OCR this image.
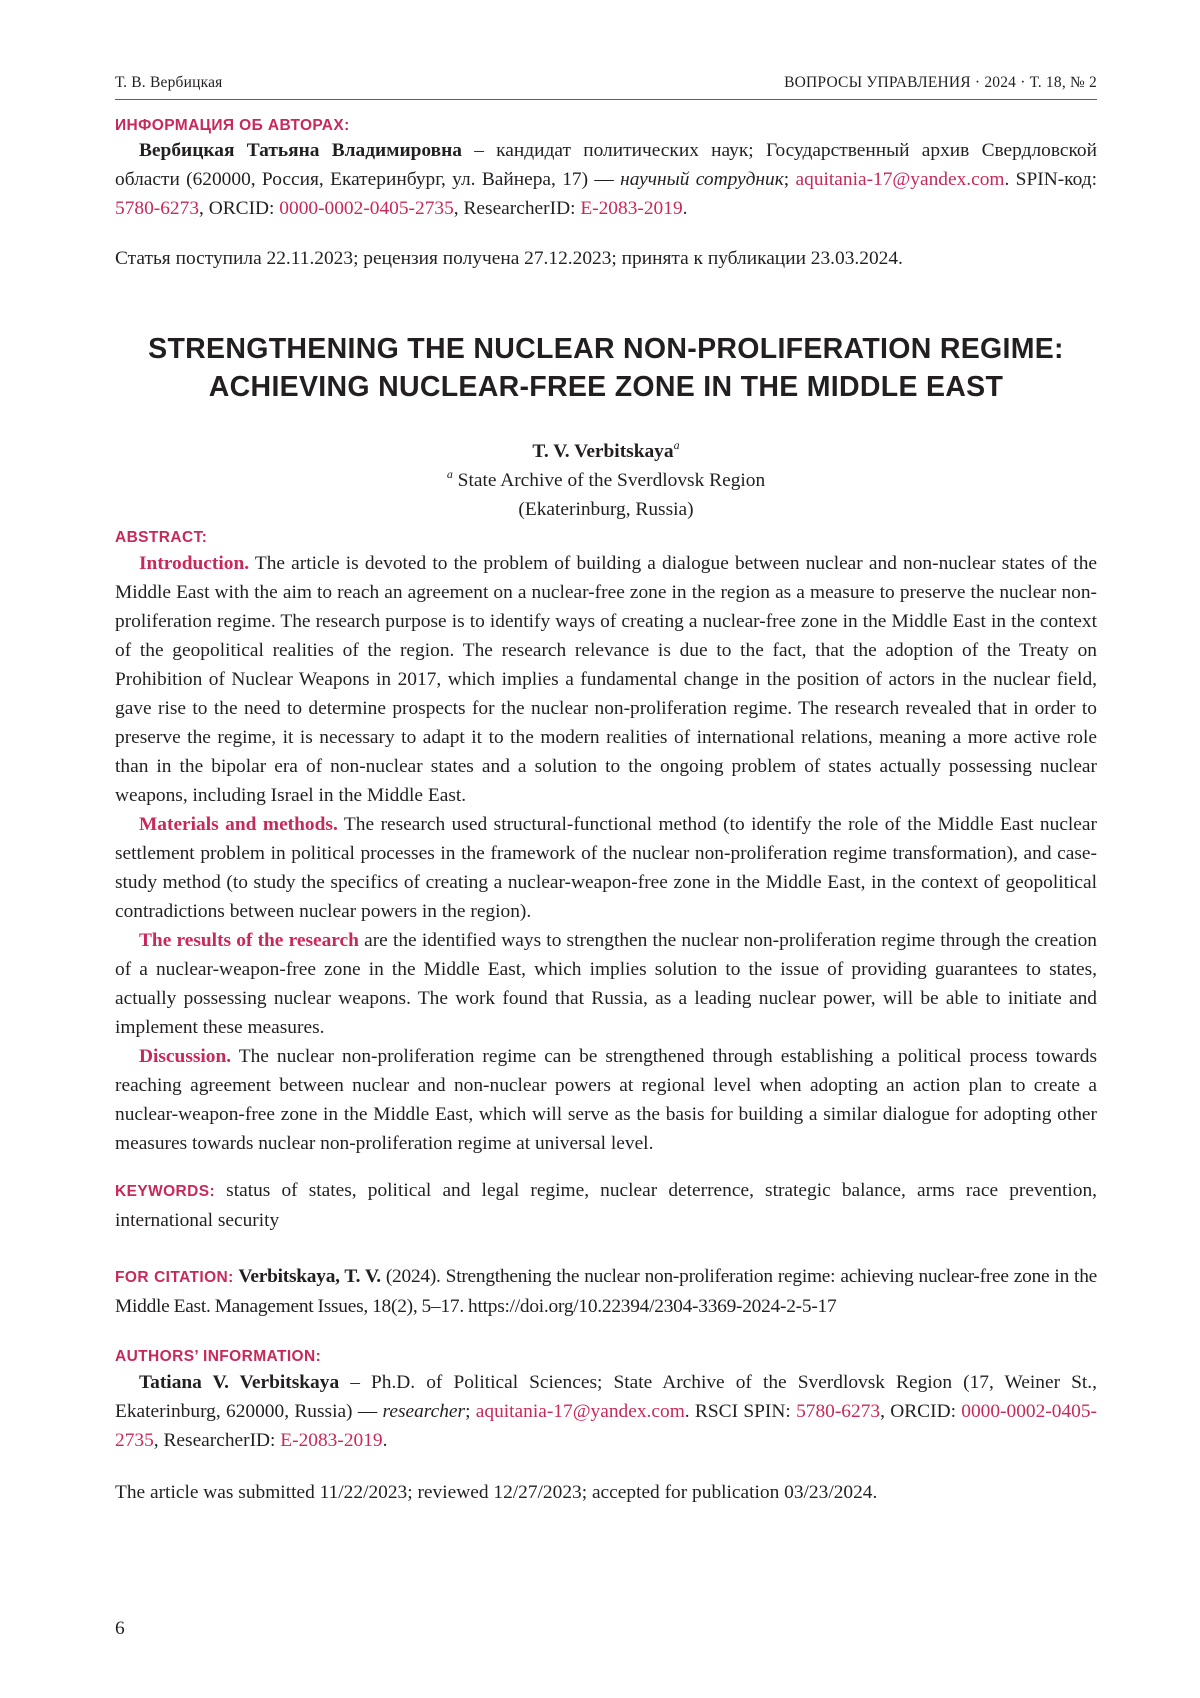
Т. В. Вербицкая	ВОПРОСЫ УПРАВЛЕНИЯ · 2024 · Т. 18, № 2
ИНФОРМАЦИЯ ОБ АВТОРАХ:
Вербицкая Татьяна Владимировна – кандидат политических наук; Государственный архив Свердловской области (620000, Россия, Екатеринбург, ул. Вайнера, 17) — научный сотрудник; aquitania-17@yandex.com. SPIN-код: 5780-6273, ORCID: 0000-0002-0405-2735, ResearcherID: E-2083-2019.
Статья поступила 22.11.2023; рецензия получена 27.12.2023; принята к публикации 23.03.2024.
STRENGTHENING THE NUCLEAR NON-PROLIFERATION REGIME:
ACHIEVING NUCLEAR-FREE ZONE IN THE MIDDLE EAST
T. V. Verbitskaya$^a$
$^a$ State Archive of the Sverdlovsk Region
(Ekaterinburg, Russia)
ABSTRACT:

Introduction. The article is devoted to the problem of building a dialogue between nuclear and non-nuclear states of the Middle East with the aim to reach an agreement on a nuclear-free zone in the region as a measure to preserve the nuclear non-proliferation regime. The research purpose is to identify ways of creating a nuclear-free zone in the Middle East in the context of the geopolitical realities of the region. The research relevance is due to the fact, that the adoption of the Treaty on Prohibition of Nuclear Weapons in 2017, which implies a fundamental change in the position of actors in the nuclear field, gave rise to the need to determine prospects for the nuclear non-proliferation regime. The research revealed that in order to preserve the regime, it is necessary to adapt it to the modern realities of international relations, meaning a more active role than in the bipolar era of non-nuclear states and a solution to the ongoing problem of states actually possessing nuclear weapons, including Israel in the Middle East.

Materials and methods. The research used structural-functional method (to identify the role of the Middle East nuclear settlement problem in political processes in the framework of the nuclear non-proliferation regime transformation), and case-study method (to study the specifics of creating a nuclear-weapon-free zone in the Middle East, in the context of geopolitical contradictions between nuclear powers in the region).

The results of the research are the identified ways to strengthen the nuclear non-proliferation regime through the creation of a nuclear-weapon-free zone in the Middle East, which implies solution to the issue of providing guarantees to states, actually possessing nuclear weapons. The work found that Russia, as a leading nuclear power, will be able to initiate and implement these measures.

Discussion. The nuclear non-proliferation regime can be strengthened through establishing a political process towards reaching agreement between nuclear and non-nuclear powers at regional level when adopting an action plan to create a nuclear-weapon-free zone in the Middle East, which will serve as the basis for building a similar dialogue for adopting other measures towards nuclear non-proliferation regime at universal level.

KEYWORDS: status of states, political and legal regime, nuclear deterrence, strategic balance, arms race prevention, international security
FOR CITATION: Verbitskaya, T. V. (2024). Strengthening the nuclear non-proliferation regime: achieving nuclear-free zone in the Middle East. Management Issues, 18(2), 5–17. https://doi.org/10.22394/2304-3369-2024-2-5-17
AUTHORS’ INFORMATION:
Tatiana V. Verbitskaya – Ph.D. of Political Sciences; State Archive of the Sverdlovsk Region (17, Weiner St., Ekaterinburg, 620000, Russia) — researcher; aquitania-17@yandex.com. RSCI SPIN: 5780-6273, ORCID: 0000-0002-0405-2735, ResearcherID: E-2083-2019.
The article was submitted 11/22/2023; reviewed 12/27/2023; accepted for publication 03/23/2024.
6
